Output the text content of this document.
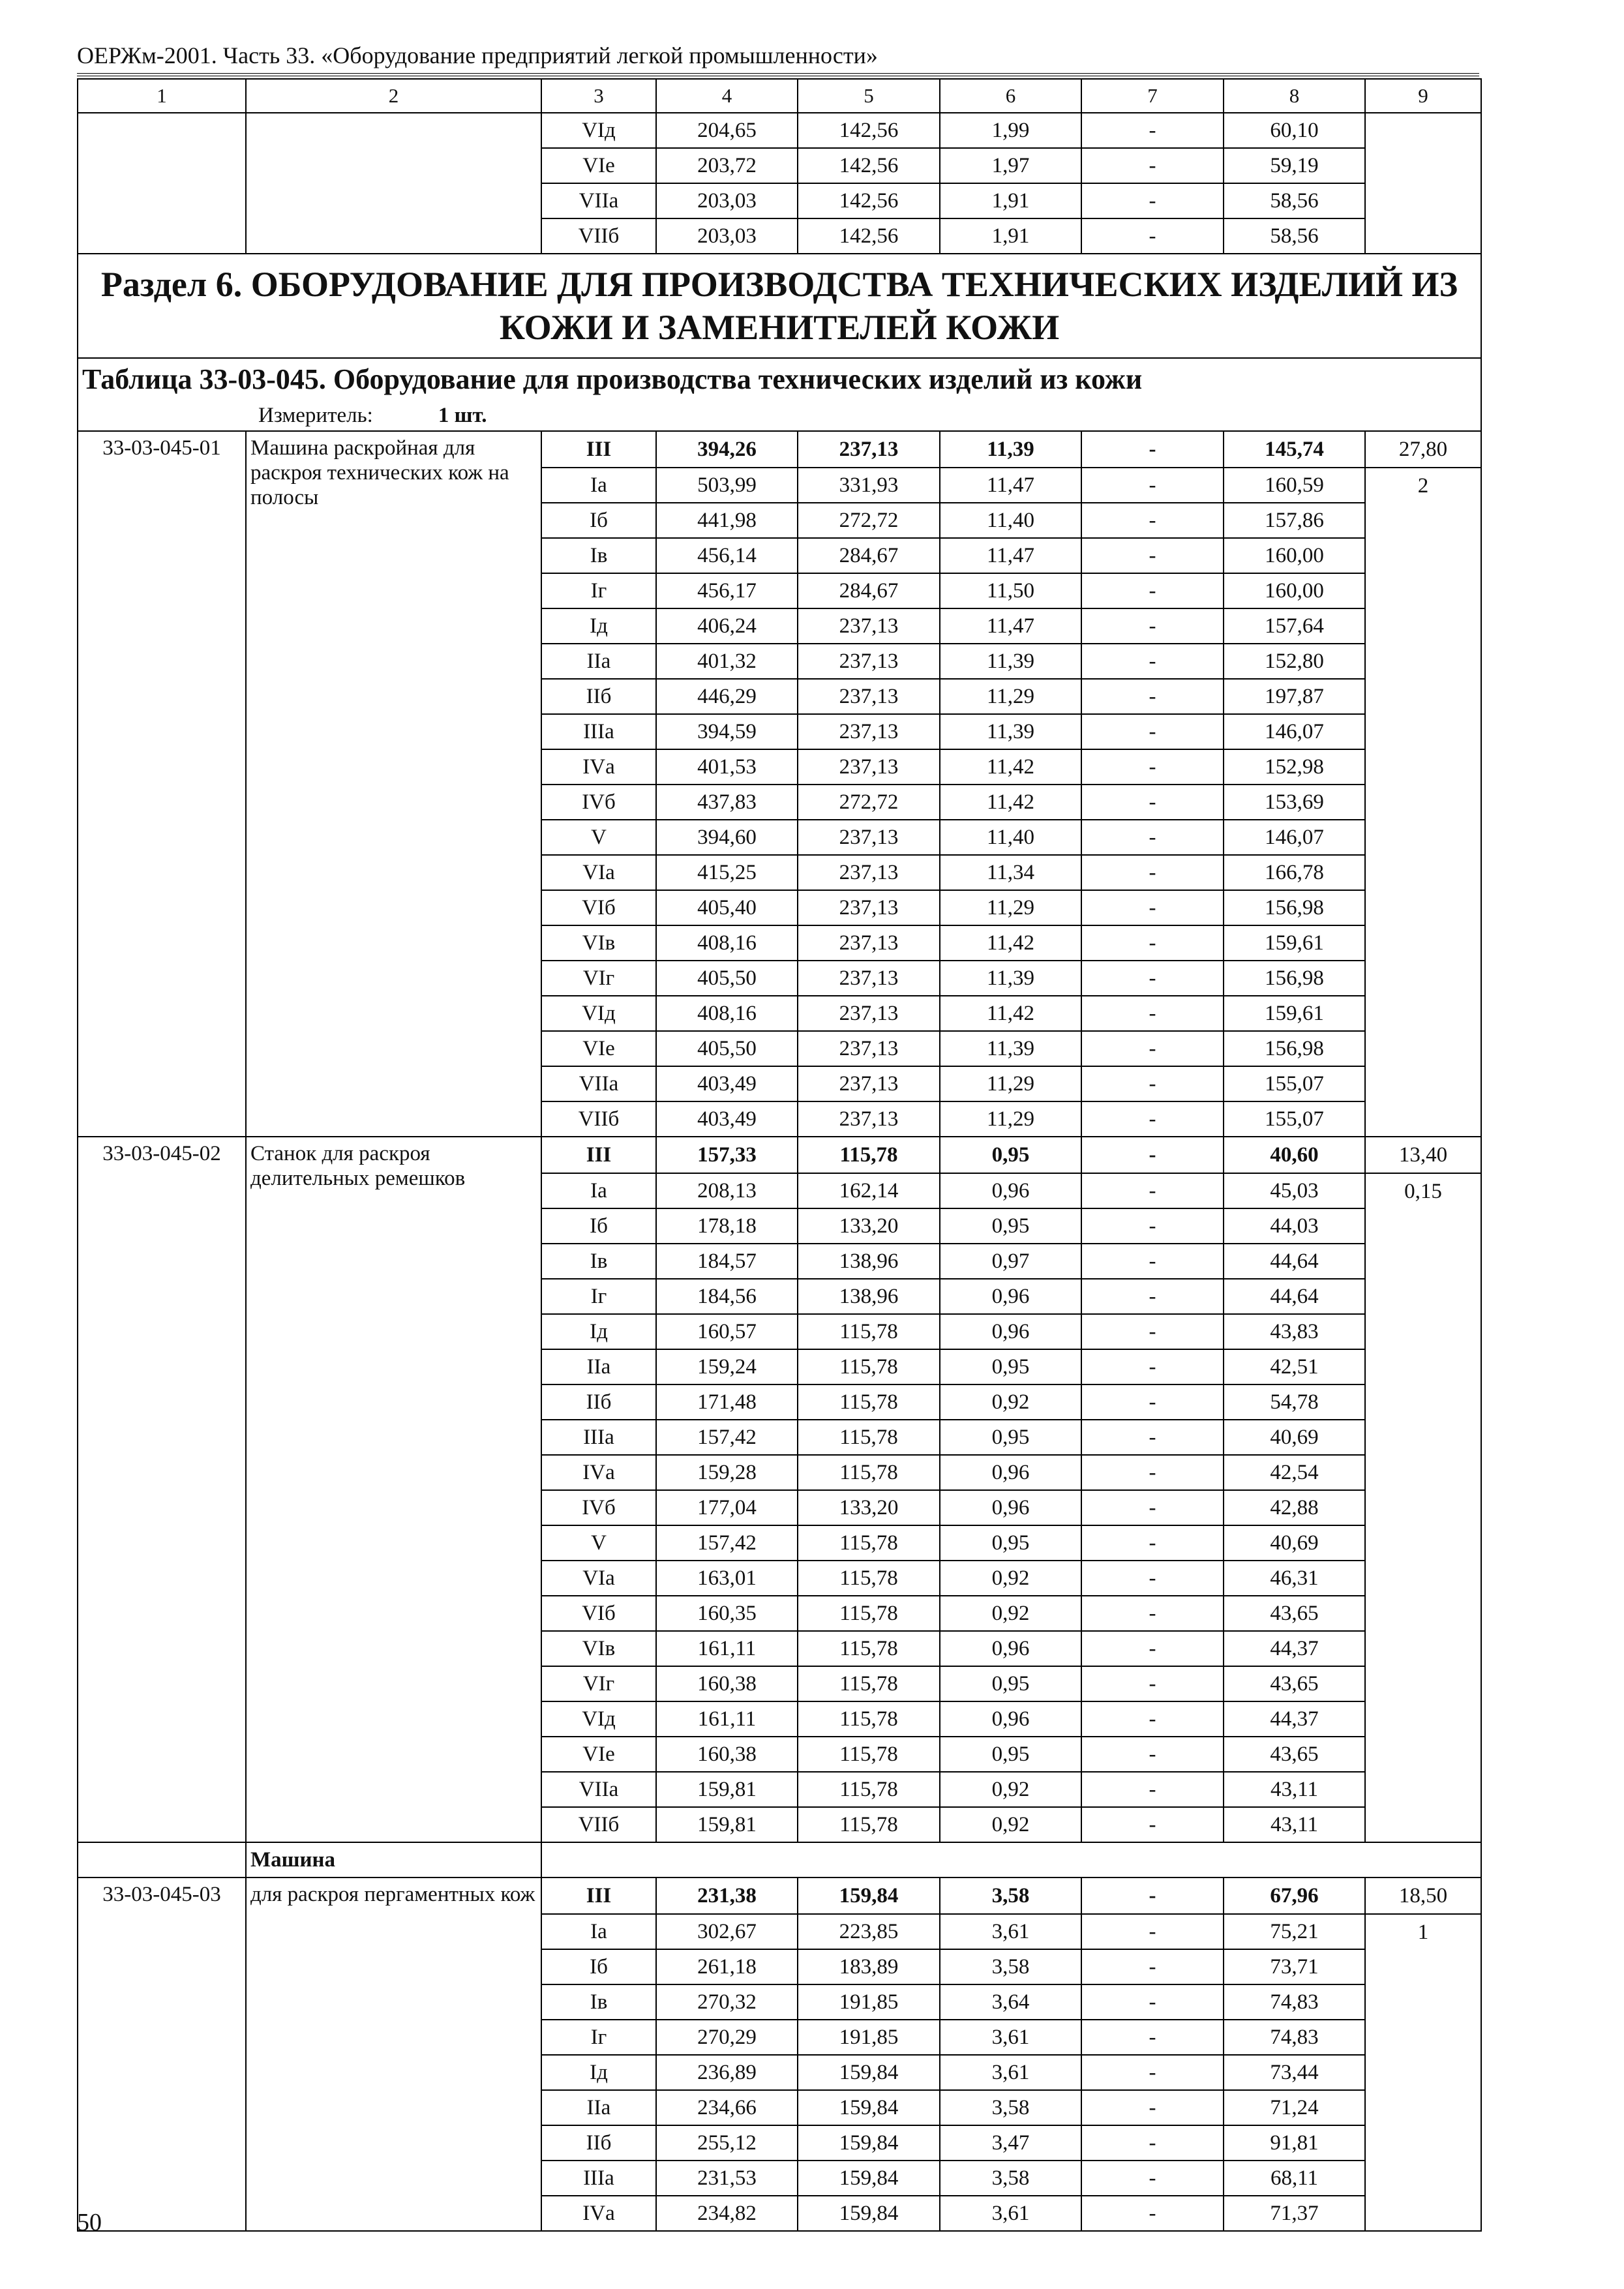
ОЕРЖм-2001. Часть 33. «Оборудование предприятий легкой промышленности»
1	2	3	4	5	6	7	8	9
		VIд	204,65	142,56	1,99	-	60,10	
		VIе	203,72	142,56	1,97	-	59,19	
		VIIа	203,03	142,56	1,91	-	58,56	
		VIIб	203,03	142,56	1,91	-	58,56	
Раздел 6. ОБОРУДОВАНИЕ ДЛЯ ПРОИЗВОДСТВА ТЕХНИЧЕСКИХ ИЗДЕЛИЙ ИЗ КОЖИ И ЗАМЕНИТЕЛЕЙ КОЖИ								
Таблица 33-03-045. Оборудование для производства технических изделий из кожи								
Измеритель: 1 шт.								
33-03-045-01	Машина раскройная для раскроя технических кож на полосы	III	394,26	237,13	11,39	-	145,74	27,80
		Iа	503,99	331,93	11,47	-	160,59	2
		Iб	441,98	272,72	11,40	-	157,86	
		Iв	456,14	284,67	11,47	-	160,00	
		Iг	456,17	284,67	11,50	-	160,00	
		Iд	406,24	237,13	11,47	-	157,64	
		IIа	401,32	237,13	11,39	-	152,80	
		IIб	446,29	237,13	11,29	-	197,87	
		IIIа	394,59	237,13	11,39	-	146,07	
		IVа	401,53	237,13	11,42	-	152,98	
		IVб	437,83	272,72	11,42	-	153,69	
		V	394,60	237,13	11,40	-	146,07	
		VIа	415,25	237,13	11,34	-	166,78	
		VIб	405,40	237,13	11,29	-	156,98	
		VIв	408,16	237,13	11,42	-	159,61	
		VIг	405,50	237,13	11,39	-	156,98	
		VIд	408,16	237,13	11,42	-	159,61	
		VIе	405,50	237,13	11,39	-	156,98	
		VIIа	403,49	237,13	11,29	-	155,07	
		VIIб	403,49	237,13	11,29	-	155,07	
33-03-045-02	Станок для раскроя делительных ремешков	III	157,33	115,78	0,95	-	40,60	13,40
		Iа	208,13	162,14	0,96	-	45,03	0,15
		Iб	178,18	133,20	0,95	-	44,03	
		Iв	184,57	138,96	0,97	-	44,64	
		Iг	184,56	138,96	0,96	-	44,64	
		Iд	160,57	115,78	0,96	-	43,83	
		IIа	159,24	115,78	0,95	-	42,51	
		IIб	171,48	115,78	0,92	-	54,78	
		IIIа	157,42	115,78	0,95	-	40,69	
		IVа	159,28	115,78	0,96	-	42,54	
		IVб	177,04	133,20	0,96	-	42,88	
		V	157,42	115,78	0,95	-	40,69	
		VIа	163,01	115,78	0,92	-	46,31	
		VIб	160,35	115,78	0,92	-	43,65	
		VIв	161,11	115,78	0,96	-	44,37	
		VIг	160,38	115,78	0,95	-	43,65	
		VIд	161,11	115,78	0,96	-	44,37	
		VIе	160,38	115,78	0,95	-	43,65	
		VIIа	159,81	115,78	0,92	-	43,11	
		VIIб	159,81	115,78	0,92	-	43,11	
	Машина							
33-03-045-03	для раскроя пергаментных кож	III	231,38	159,84	3,58	-	67,96	18,50
		Iа	302,67	223,85	3,61	-	75,21	1
		Iб	261,18	183,89	3,58	-	73,71	
		Iв	270,32	191,85	3,64	-	74,83	
		Iг	270,29	191,85	3,61	-	74,83	
		Iд	236,89	159,84	3,61	-	73,44	
		IIа	234,66	159,84	3,58	-	71,24	
		IIб	255,12	159,84	3,47	-	91,81	
		IIIа	231,53	159,84	3,58	-	68,11	
		IVа	234,82	159,84	3,61	-	71,37	
50
